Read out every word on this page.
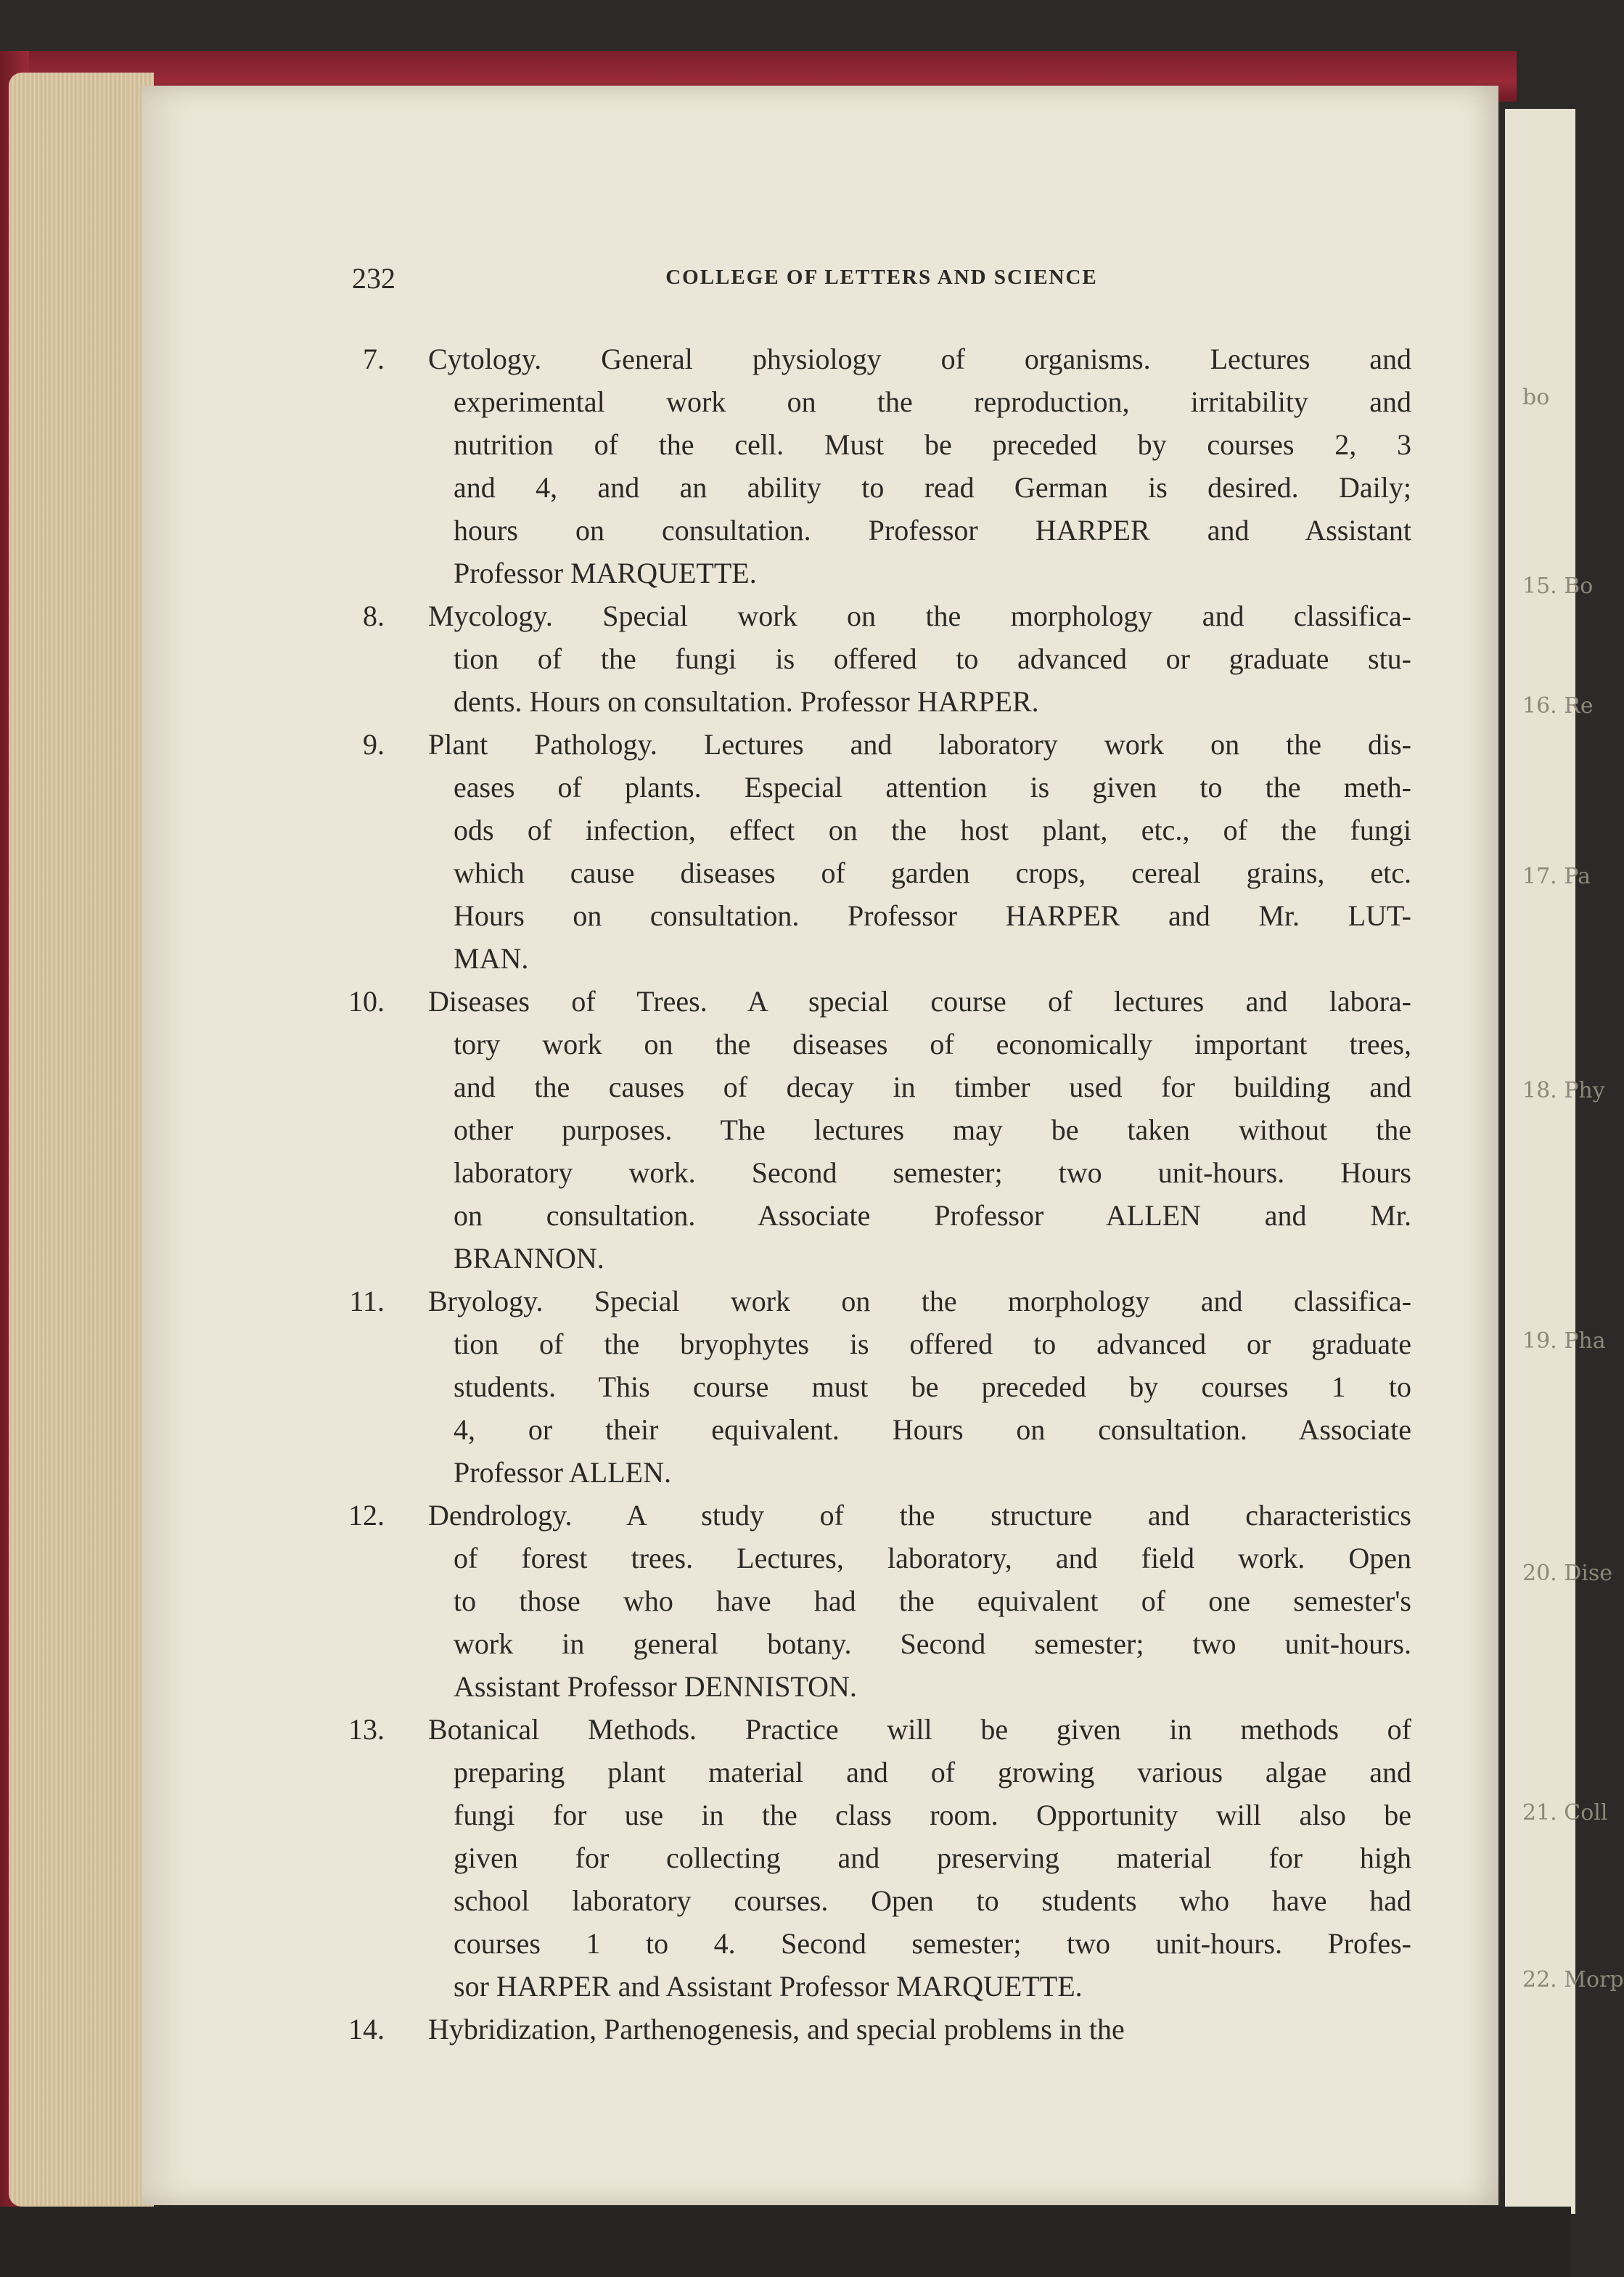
bo
15. Bo
16. Re
17. Pa
18. Phy
19. Pha
20. Dise
21. Coll
22. Morp
232	COLLEGE OF LETTERS AND SCIENCE
7. Cytology. General physiology of organisms. Lectures and
experimental work on the reproduction, irritability and
nutrition of the cell. Must be preceded by courses 2, 3
and 4, and an ability to read German is desired. Daily;
hours on consultation. Professor HARPER and Assistant
Professor MARQUETTE.
8. Mycology. Special work on the morphology and classifica-
tion of the fungi is offered to advanced or graduate stu-
dents. Hours on consultation. Professor HARPER.
9. Plant Pathology. Lectures and laboratory work on the dis-
eases of plants. Especial attention is given to the meth-
ods of infection, effect on the host plant, etc., of the fungi
which cause diseases of garden crops, cereal grains, etc.
Hours on consultation. Professor HARPER and Mr. LUT-
MAN.
10. Diseases of Trees. A special course of lectures and labora-
tory work on the diseases of economically important trees,
and the causes of decay in timber used for building and
other purposes. The lectures may be taken without the
laboratory work. Second semester; two unit-hours. Hours
on consultation. Associate Professor ALLEN and Mr.
BRANNON.
11. Bryology. Special work on the morphology and classifica-
tion of the bryophytes is offered to advanced or graduate
students. This course must be preceded by courses 1 to
4, or their equivalent. Hours on consultation. Associate
Professor ALLEN.
12. Dendrology. A study of the structure and characteristics
of forest trees. Lectures, laboratory, and field work. Open
to those who have had the equivalent of one semester's
work in general botany. Second semester; two unit-hours.
Assistant Professor DENNISTON.
13. Botanical Methods. Practice will be given in methods of
preparing plant material and of growing various algae and
fungi for use in the class room. Opportunity will also be
given for collecting and preserving material for high
school laboratory courses. Open to students who have had
courses 1 to 4. Second semester; two unit-hours. Profes-
sor HARPER and Assistant Professor MARQUETTE.
14. Hybridization, Parthenogenesis, and special problems in the
